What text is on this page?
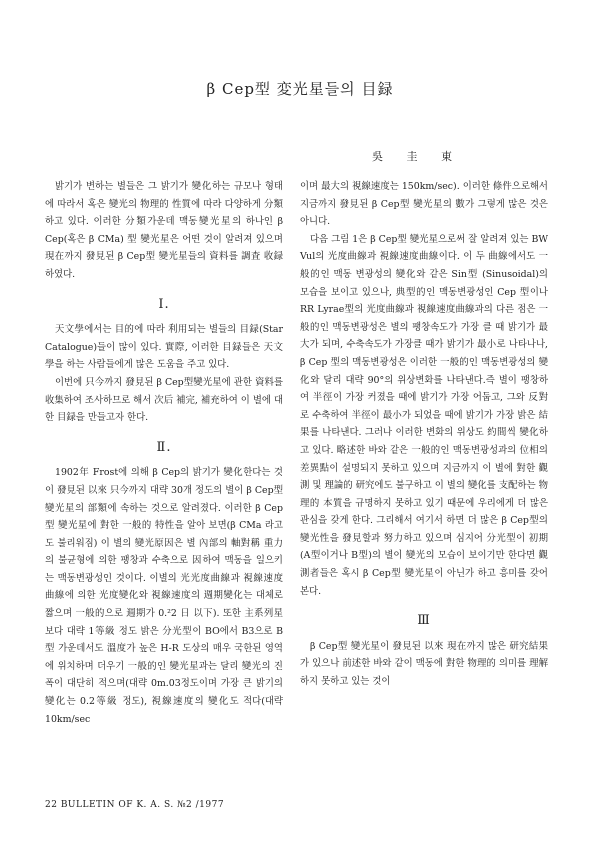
β Cep型 変光星들의 目録
吳 圭 東

밝기가 변하는 별들은 그 밝기가 變化하는 규모나 형태에 따라서 혹은 變光의 物理的 性質에 따라 다양하게 分類하고 있다. 이러한 分類가운데 맥동變光星의 하나인 β Cep(혹은 β CMa) 型 變光星은 어떤 것이 알려져 있으며 現在까지 發見된 β Cep型 變光星들의 資料를 調査 收録하였다.

Ⅰ.

天文學에서는 目的에 따라 利用되는 별들의 目録(Star Catalogue)들이 많이 있다. 實際, 이러한 目録들은 天文學을 하는 사람들에게 많은 도움을 주고 있다.

이번에 只今까지 發見된 β Cep型變光星에 관한 資料를 收集하여 조사하므로 해서 次后 補完, 補充하여 이 별에 대한 目録을 만들고자 한다.

Ⅱ.

1902年 Frost에 의해 β Cep의 밝기가 變化한다는 것이 發見된 以來 只今까지 대략 30개 정도의 별이 β Cep型 變光星의 部類에 속하는 것으로 알려졌다. 이러한 β Cep型 變光星에 對한 一般的 特性을 알아 보면(β CMa 라고도 불리워짐) 이 별의 變光原因은 별 內部의 軸對稱 重力의 불균형에 의한 팽창과 수축으로 因하여 맥동을 일으키는 맥동변광성인 것이다. 이별의 光光度曲線과 視線速度曲線에 의한 光度變化와 視線速度의 週期變化는 대체로 짧으며 一般的으로 週期가 0.²2 日 以下). 또한 主系列星보다 대략 1等級 정도 밝은 分光型이 BO에서 B3으로 B型 가운데서도 溫度가 높은 H-R 도상의 매우 국한된 영역에 위치하며 더우기 一般的인 變光星과는 달리 變光의 진폭이 대단히 적으며(대략 0m.03정도이며 가장 큰 밝기의 變化는 0.2等級 정도), 視線速度의 變化도 적다(대략10km/sec

이며 最大의 視線速度는 150km/sec). 이러한 條件으로해서 지금까지 發見된 β Cep型 變光星의 數가 그렇게 많은 것은 아니다.

다음 그림 1은 β Cep型 變光星으로써 잘 알려져 있는 BW Vul의 光度曲線과 視線速度曲線이다. 이 두 曲線에서도 一般的인 맥동 변광성의 變化와 같은 Sin型 (Sinusoidal)의 모습을 보이고 있으나, 典型的인 맥동변광성인 Cep 型이나 RR Lyrae型의 光度曲線과 視線速度曲線과의 다른 점은 一般的인 맥동변광성은 별의 팽창속도가 가장 클 때 밝기가 最大가 되며, 수축속도가 가장클 때가 밝기가 最小로 나타나나, β Cep 型의 맥동변광성은 이러한 一般的인 맥동변광성의 變化와 달리 대략 90°의 위상변화를 나타낸다.즉 별이 팽창하여 半徑이 가장 커졌을 때에 밝기가 가장 어둡고, 그와 反對로 수축하여 半徑이 最小가 되었을 때에 밝기가 가장 밝은 結果를 나타낸다. 그러나 이러한 변화의 위상도 約間씩 變化하고 있다. 略述한 바와 같은 一般的인 맥동변광성과의 位相의 差異點이 설명되지 못하고 있으며 지금까지 이 별에 對한 觀測 및 理論的 研究에도 불구하고 이 별의 變化를 支配하는 物理的 本質을 규명하지 못하고 있기 때문에 우리에게 더 많은 관심을 갖게 한다. 그리해서 여기서 하면 더 많은 β Cep型의 變光性을 發見할과 努力하고 있으며 심지어 分光型이 初期(A型이거나 B型)의 별이 變光의 모습이 보이기만 한다면 觀測者들은 혹시 β Cep型 變光星이 아닌가 하고 흥미를 갖어 본다.

Ⅲ

β Cep型 變光星이 發見된 以來 現在까지 많은 研究結果가 있으나 前述한 바와 같이 맥동에 對한 物理的 의미를 理解하지 못하고 있는 것이

22 BULLETIN OF K. A. S. №2 /1977
